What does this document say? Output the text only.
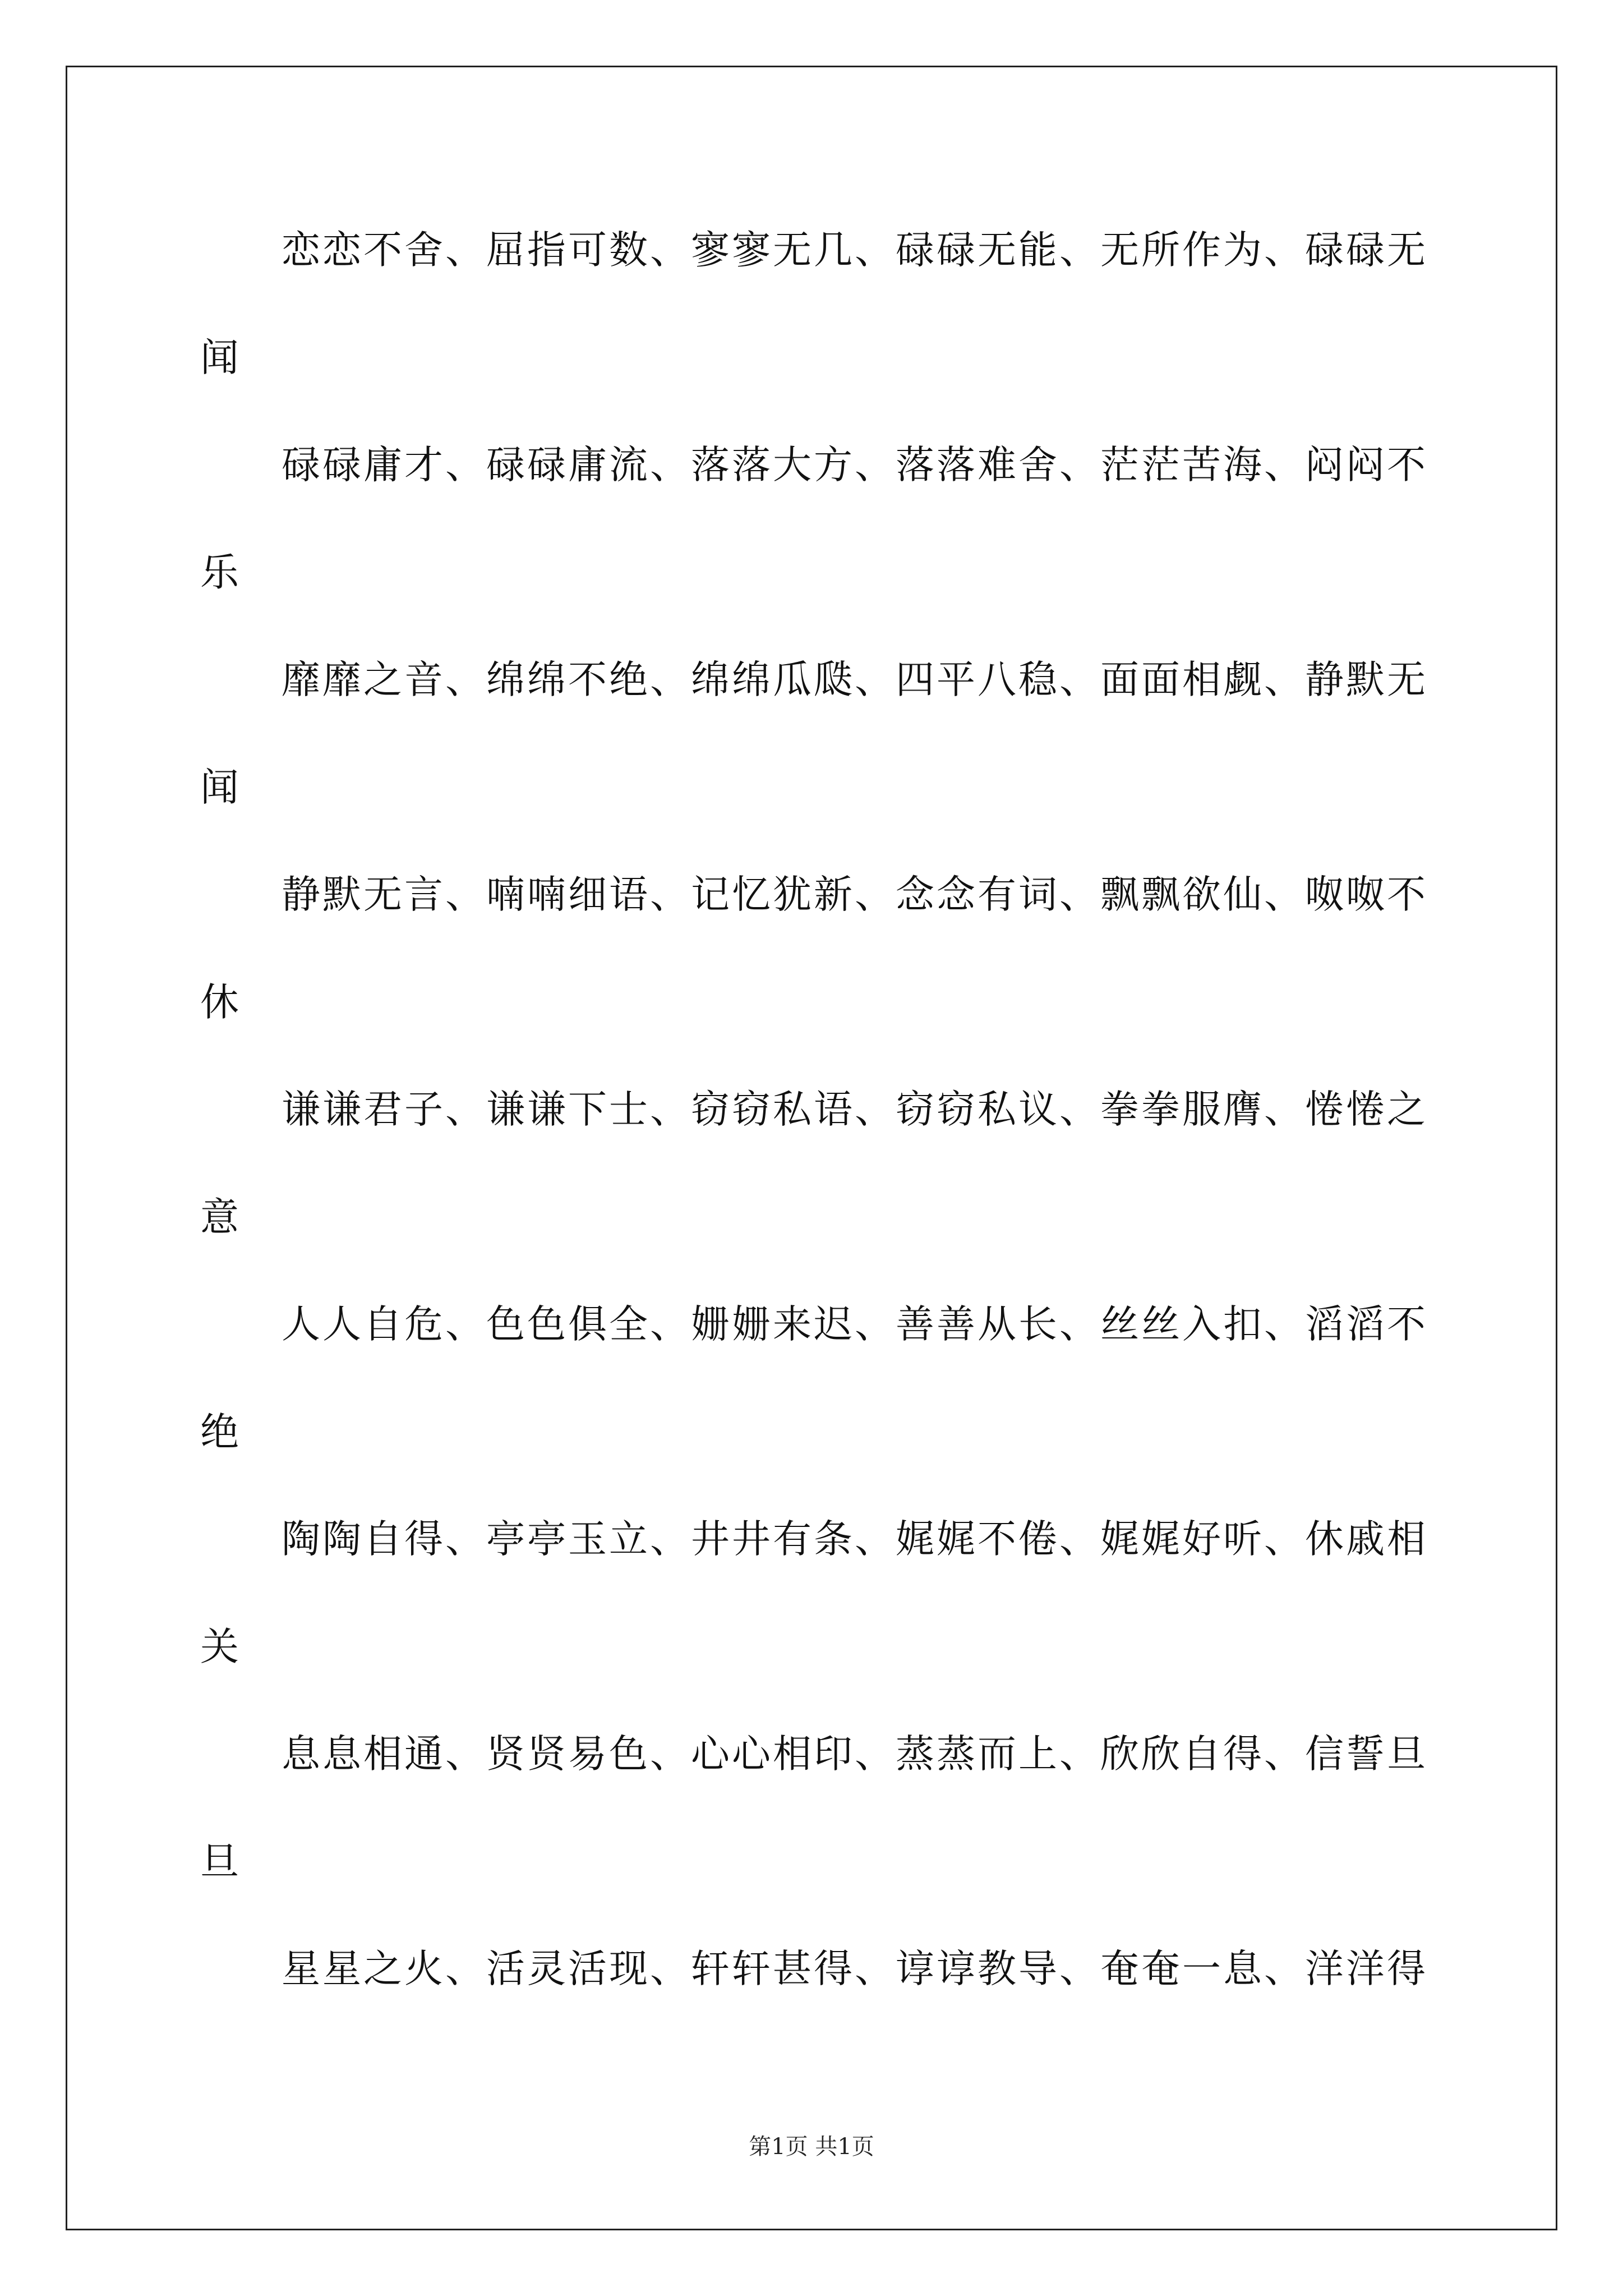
恋恋不舍、屈指可数、寥寥无几、碌碌无能、无所作为、碌碌无
闻
碌碌庸才、碌碌庸流、落落大方、落落难舍、茫茫苦海、闷闷不
乐
靡靡之音、绵绵不绝、绵绵瓜瓞、四平八稳、面面相觑、静默无
闻
静默无言、喃喃细语、记忆犹新、念念有词、飘飘欲仙、呶呶不
休
谦谦君子、谦谦下士、窃窃私语、窃窃私议、拳拳服膺、惓惓之
意
人人自危、色色俱全、姗姗来迟、善善从长、丝丝入扣、滔滔不
绝
陶陶自得、亭亭玉立、井井有条、娓娓不倦、娓娓好听、休戚相
关
息息相通、贤贤易色、心心相印、蒸蒸而上、欣欣自得、信誓旦
旦
星星之火、活灵活现、轩轩甚得、谆谆教导、奄奄一息、洋洋得
第1页 共1页
